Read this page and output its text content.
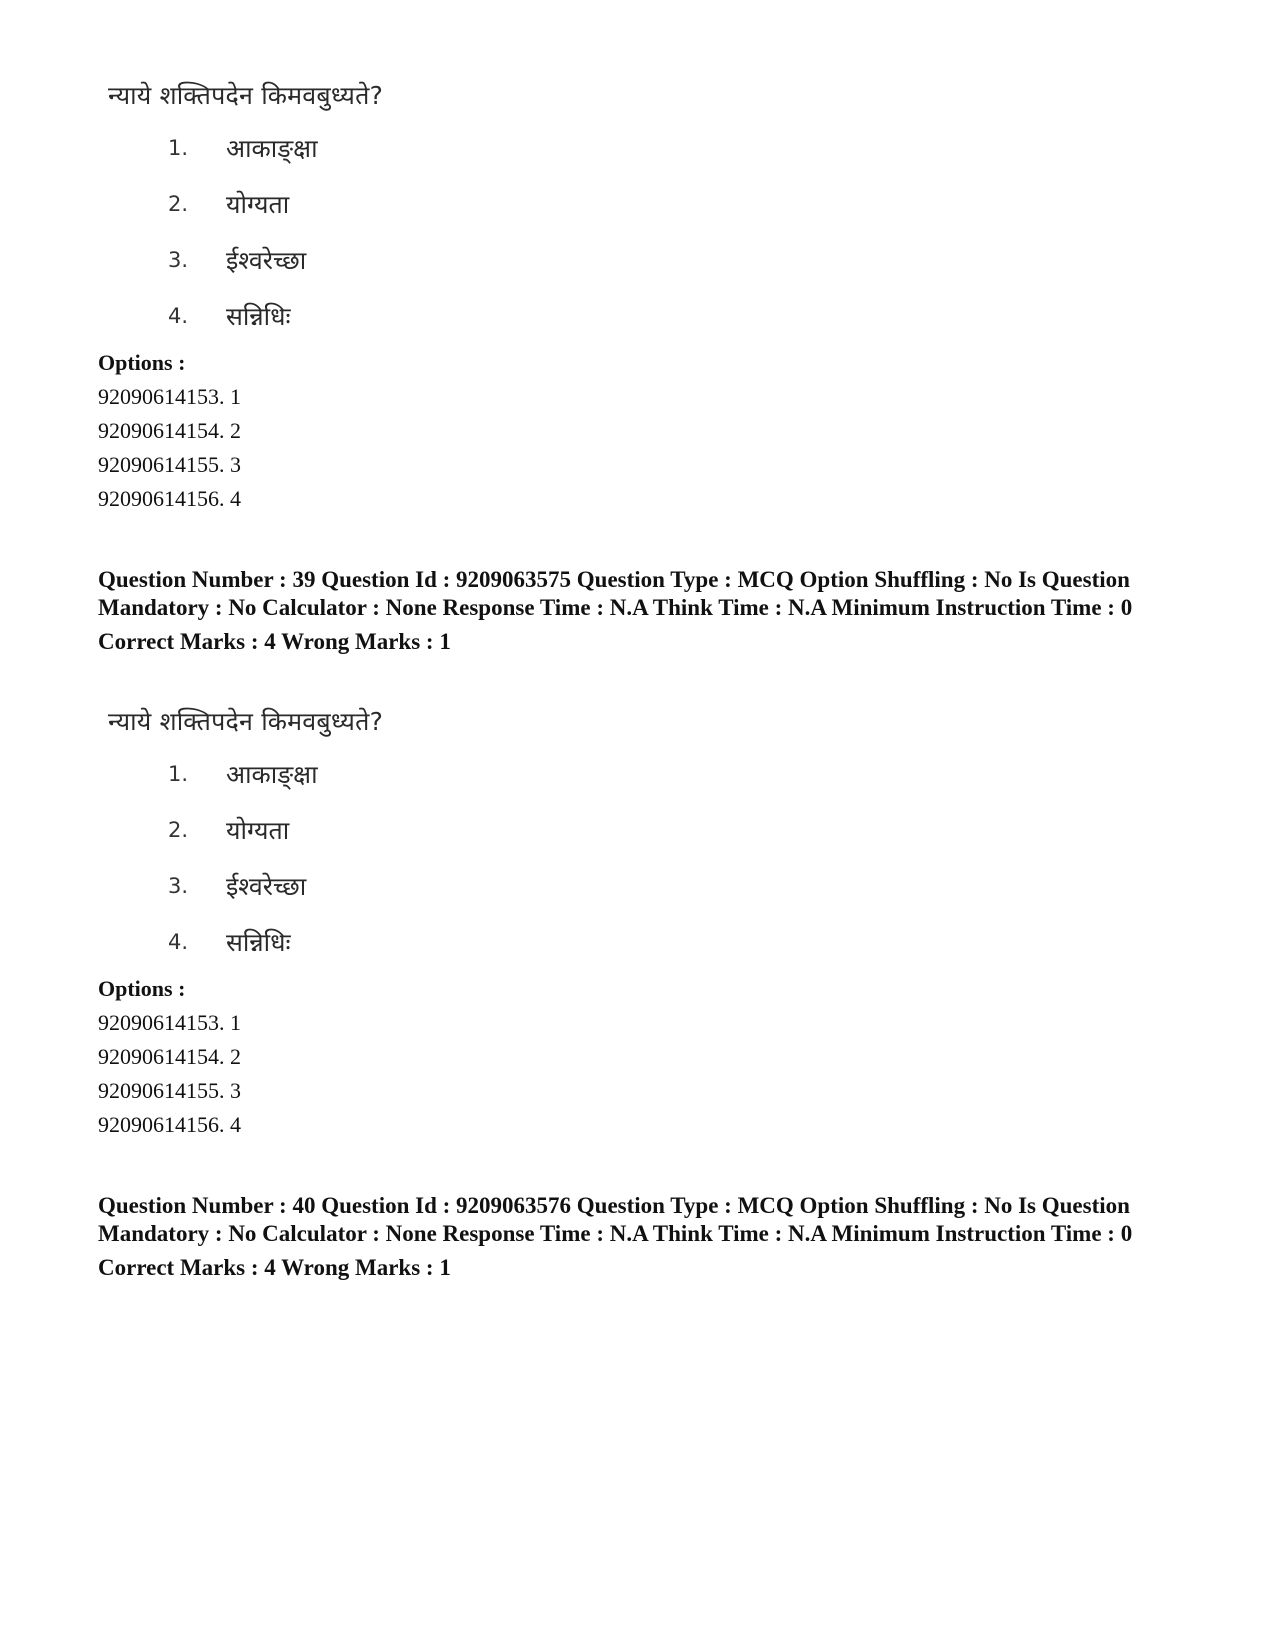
न्याये शक्तिपदेन किमवबुध्यते?

1.	आकाङ्क्षा
2.	योग्यता
3.	ईश्वरेच्छा
4.	सन्निधिः

Options :

92090614153. 1

92090614154. 2

92090614155. 3

92090614156. 4

Question Number : 39 Question Id : 9209063575 Question Type : MCQ Option Shuffling : No Is Question Mandatory : No Calculator : None Response Time : N.A Think Time : N.A Minimum Instruction Time : 0

Correct Marks : 4 Wrong Marks : 1

न्याये शक्तिपदेन किमवबुध्यते?

1.	आकाङ्क्षा
2.	योग्यता
3.	ईश्वरेच्छा
4.	सन्निधिः

Options :

92090614153. 1

92090614154. 2

92090614155. 3

92090614156. 4

Question Number : 40 Question Id : 9209063576 Question Type : MCQ Option Shuffling : No Is Question Mandatory : No Calculator : None Response Time : N.A Think Time : N.A Minimum Instruction Time : 0

Correct Marks : 4 Wrong Marks : 1
